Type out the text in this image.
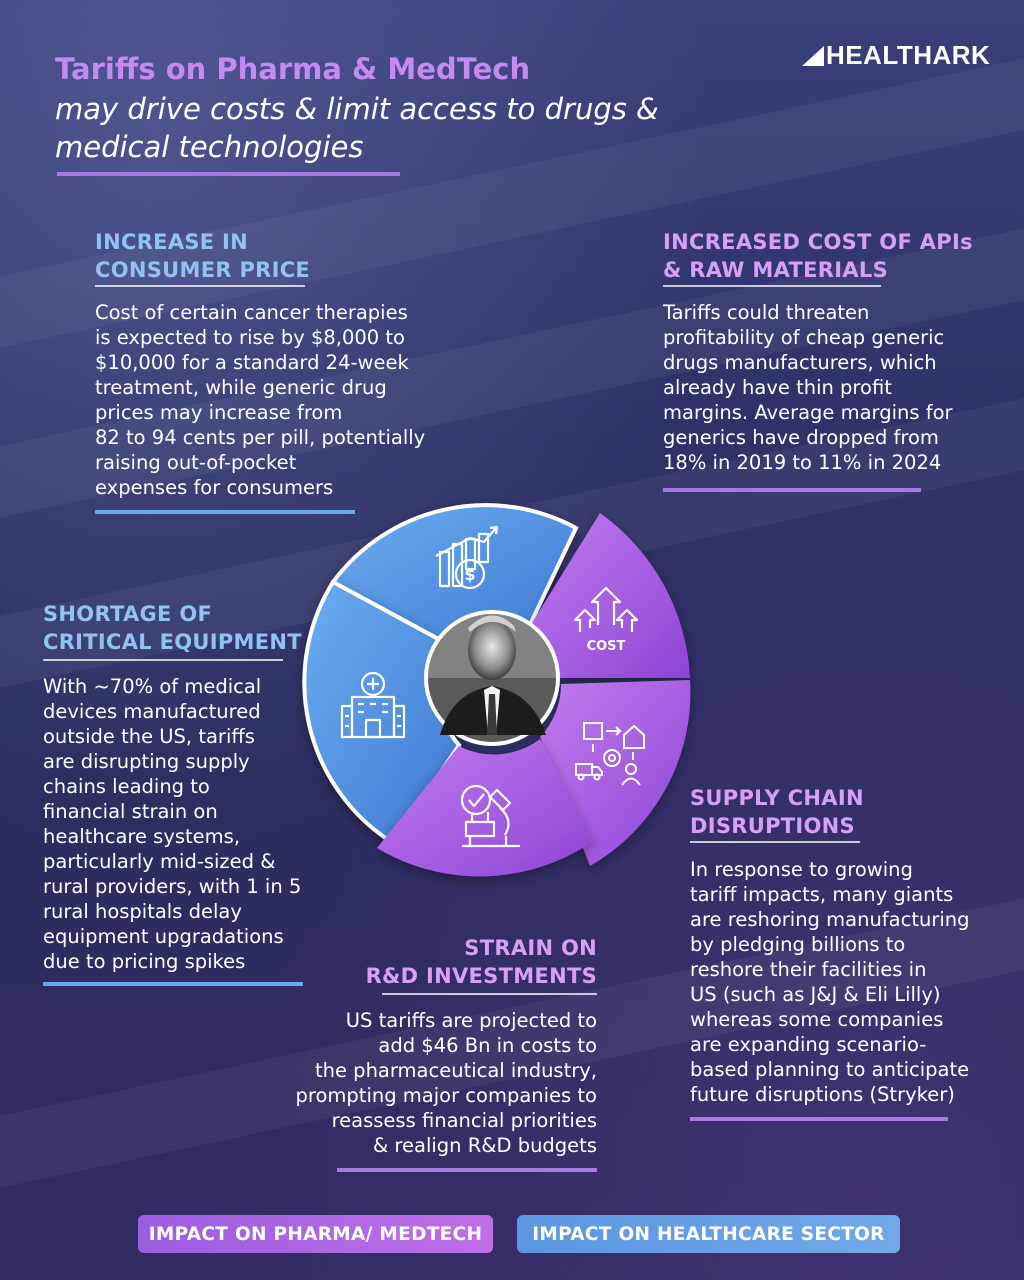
Tariffs on Pharma & MedTech
may drive costs & limit access to drugs & medical technologies
HEALTHARK
INCREASE IN
CONSUMER PRICE
Cost of certain cancer therapies
is expected to rise by $8,000 to
$10,000 for a standard 24-week
treatment, while generic drug
prices may increase from
82 to 94 cents per pill, potentially
raising out-of-pocket
expenses for consumers
INCREASED COST OF APIs
& RAW MATERIALS
Tariffs could threaten
profitability of cheap generic
drugs manufacturers, which
already have thin profit
margins. Average margins for
generics have dropped from
18% in 2019 to 11% in 2024
SHORTAGE OF
CRITICAL EQUIPMENT
With ~70% of medical
devices manufactured
outside the US, tariffs
are disrupting supply
chains leading to
financial strain on
healthcare systems,
particularly mid-sized &
rural providers, with 1 in 5
rural hospitals delay
equipment upgradations
due to pricing spikes
SUPPLY CHAIN
DISRUPTIONS
In response to growing
tariff impacts, many giants
are reshoring manufacturing
by pledging billions to
reshore their facilities in
US (such as J&J & Eli Lilly)
whereas some companies
are expanding scenario-
based planning to anticipate
future disruptions (Stryker)
STRAIN ON
R&D INVESTMENTS
US tariffs are projected to
add $46 Bn in costs to
the pharmaceutical industry,
prompting major companies to
reassess financial priorities
& realign R&D budgets
$
COST
IMPACT ON PHARMA/ MEDTECH	IMPACT ON HEALTHCARE SECTOR
